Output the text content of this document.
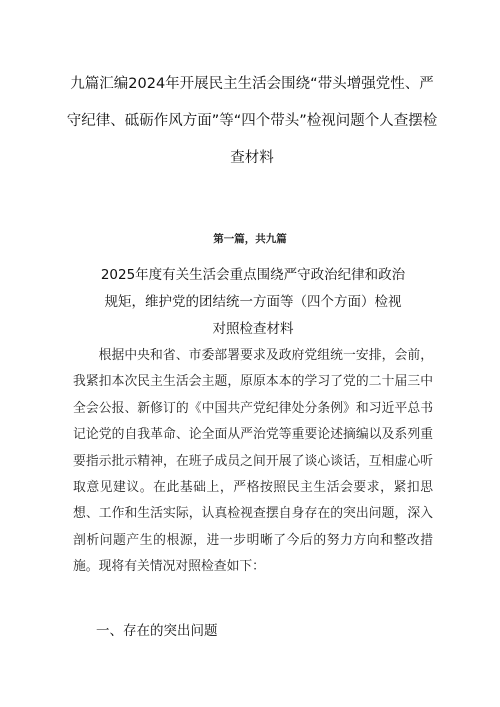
九篇汇编2024年开展民主生活会围绕“带头增强党性、严守纪律、砥砺作风方面”等“四个带头”检视问题个人查摆检查材料
第一篇，共九篇
2025年度有关生活会重点围绕严守政治纪律和政治规矩，维护党的团结统一方面等（四个方面）检视对照检查材料

根据中央和省、市委部署要求及政府党组统一安排，会前，我紧扣本次民主生活会主题，原原本本的学习了党的二十届三中全会公报、新修订的《中国共产党纪律处分条例》和习近平总书记论党的自我革命、论全面从严治党等重要论述摘编以及系列重要指示批示精神，在班子成员之间开展了谈心谈话，互相虚心听取意见建议。在此基础上，严格按照民主生活会要求，紧扣思想、工作和生活实际，认真检视查摆自身存在的突出问题，深入剖析问题产生的根源，进一步明晰了今后的努力方向和整改措施。现将有关情况对照检查如下：

一、存在的突出问题
